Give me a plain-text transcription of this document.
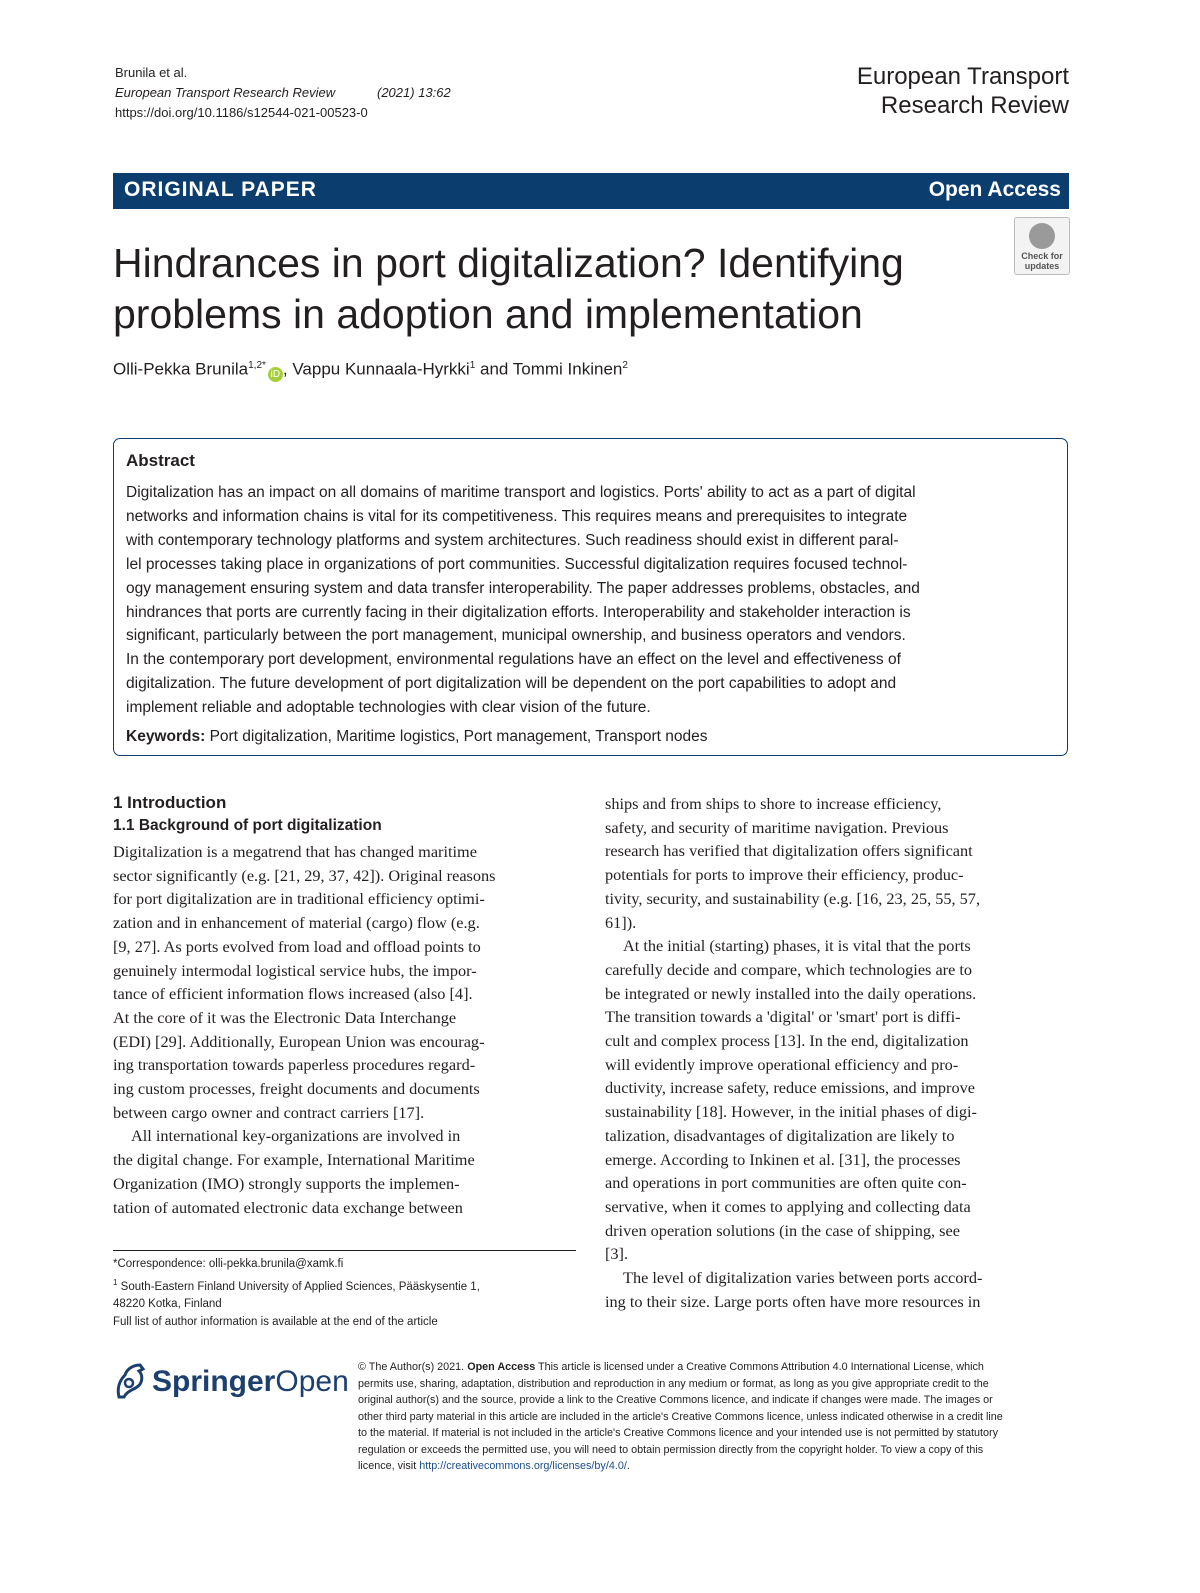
Brunila et al.
European Transport Research Review	(2021) 13:62
https://doi.org/10.1186/s12544-021-00523-0
European Transport
Research Review
ORIGINAL PAPER	Open Access
Hindrances in port digitalization? Identifying
problems in adoption and implementation
Check for
updates
Olli-Pekka Brunila$^{1,2*}$iD , Vappu Kunnaala-Hyrkki$^1$ and Tommi Inkinen$^2$
Abstract

Digitalization has an impact on all domains of maritime transport and logistics. Ports' ability to act as a part of digital

networks and information chains is vital for its competitiveness. This requires means and prerequisites to integrate

with contemporary technology platforms and system architectures. Such readiness should exist in different paral-

lel processes taking place in organizations of port communities. Successful digitalization requires focused technol-

ogy management ensuring system and data transfer interoperability. The paper addresses problems, obstacles, and

hindrances that ports are currently facing in their digitalization efforts. Interoperability and stakeholder interaction is

significant, particularly between the port management, municipal ownership, and business operators and vendors.

In the contemporary port development, environmental regulations have an effect on the level and effectiveness of

digitalization. The future development of port digitalization will be dependent on the port capabilities to adopt and

implement reliable and adoptable technologies with clear vision of the future.

Keywords: Port digitalization, Maritime logistics, Port management, Transport nodes
1 Introduction
1.1 Background of port digitalization

Digitalization is a megatrend that has changed maritime

sector significantly (e.g. [21, 29, 37, 42]). Original reasons

for port digitalization are in traditional efficiency optimi-

zation and in enhancement of material (cargo) flow (e.g.

[9, 27]. As ports evolved from load and offload points to

genuinely intermodal logistical service hubs, the impor-

tance of efficient information flows increased (also [4].

At the core of it was the Electronic Data Interchange

(EDI) [29]. Additionally, European Union was encourag-

ing transportation towards paperless procedures regard-

ing custom processes, freight documents and documents

between cargo owner and contract carriers [17].

All international key-organizations are involved in

the digital change. For example, International Maritime

Organization (IMO) strongly supports the implemen-

tation of automated electronic data exchange between

ships and from ships to shore to increase efficiency,

safety, and security of maritime navigation. Previous

research has verified that digitalization offers significant

potentials for ports to improve their efficiency, produc-

tivity, security, and sustainability (e.g. [16, 23, 25, 55, 57,

61]).

At the initial (starting) phases, it is vital that the ports

carefully decide and compare, which technologies are to

be integrated or newly installed into the daily operations.

The transition towards a 'digital' or 'smart' port is diffi-

cult and complex process [13]. In the end, digitalization

will evidently improve operational efficiency and pro-

ductivity, increase safety, reduce emissions, and improve

sustainability [18]. However, in the initial phases of digi-

talization, disadvantages of digitalization are likely to

emerge. According to Inkinen et al. [31], the processes

and operations in port communities are often quite con-

servative, when it comes to applying and collecting data

driven operation solutions (in the case of shipping, see

[3].

The level of digitalization varies between ports accord-

ing to their size. Large ports often have more resources in

*Correspondence: olli-pekka.brunila@xamk.fi
$^1$ South-Eastern Finland University of Applied Sciences, Pääskysentie 1,
48220 Kotka, Finland
Full list of author information is available at the end of the article
SpringerOpen © The Author(s) 2021. Open Access This article is licensed under a Creative Commons Attribution 4.0 International License, which
permits use, sharing, adaptation, distribution and reproduction in any medium or format, as long as you give appropriate credit to the
original author(s) and the source, provide a link to the Creative Commons licence, and indicate if changes were made. The images or
other third party material in this article are included in the article's Creative Commons licence, unless indicated otherwise in a credit line
to the material. If material is not included in the article's Creative Commons licence and your intended use is not permitted by statutory
regulation or exceeds the permitted use, you will need to obtain permission directly from the copyright holder. To view a copy of this
licence, visit http://creativecommons.org/licenses/by/4.0/.
